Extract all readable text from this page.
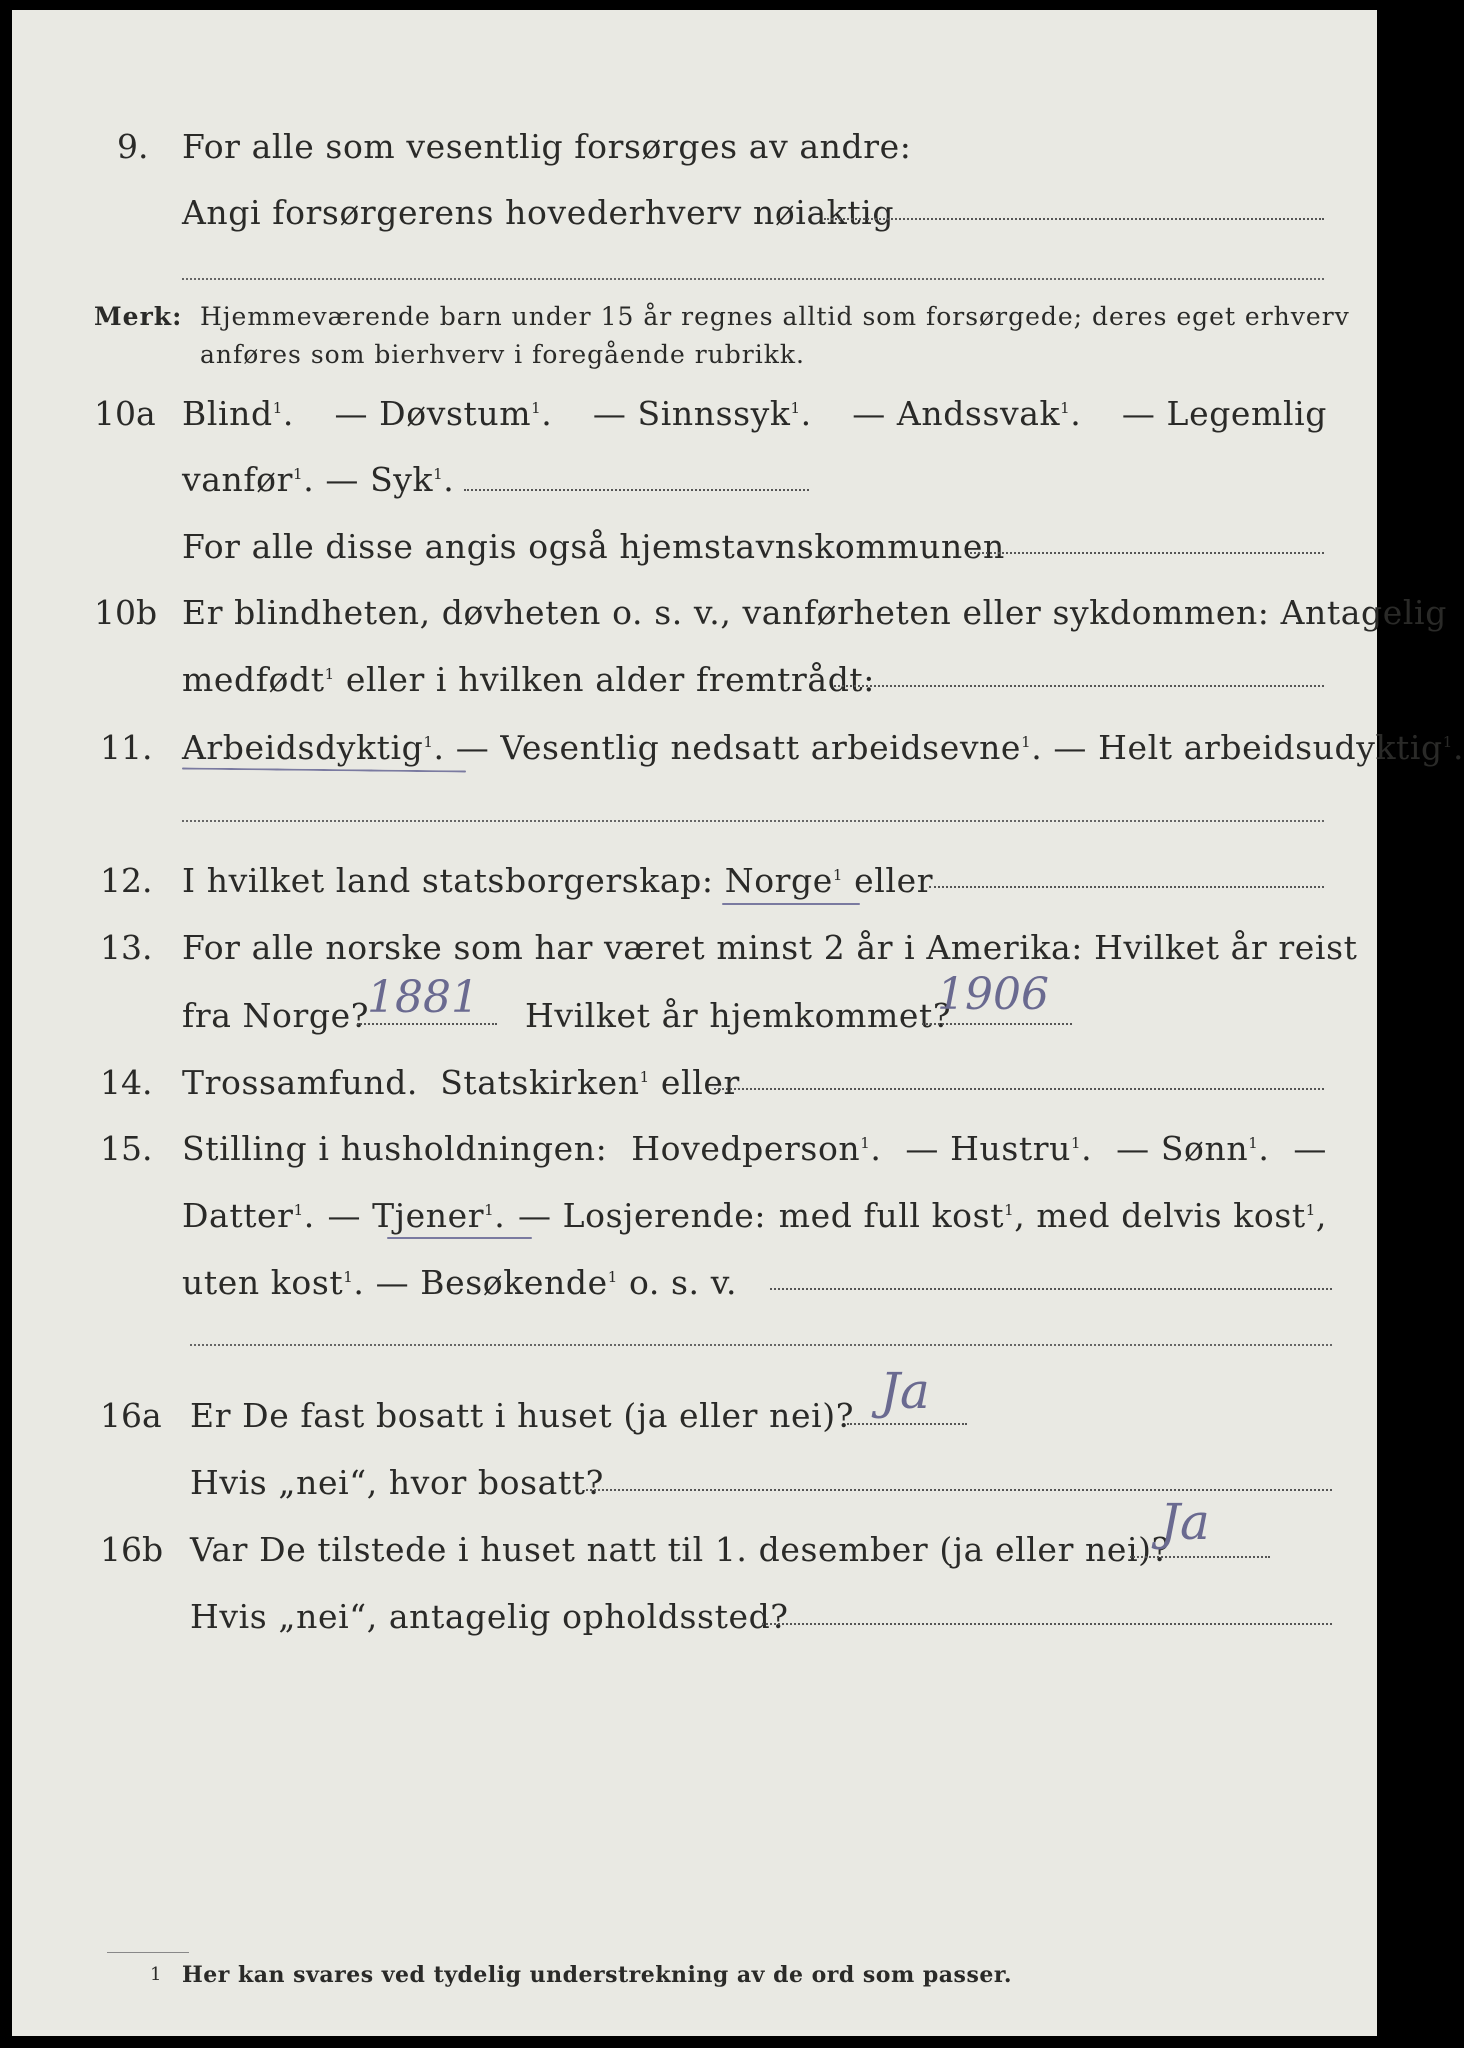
9. For alle som vesentlig forsørges av andre:
Angi forsørgerens hovederhverv nøiaktig
Merk: Hjemmeværende barn under 15 år regnes alltid som forsørgede; deres eget erhverv
anføres som bierhverv i foregående rubrikk.
10a Blind$^1$. — Døvstum$^1$. — Sinnssyk$^1$. — Andssvak$^1$. — Legemlig
vanfør$^1$. — Syk$^1$.
For alle disse angis også hjemstavnskommunen
10b Er blindheten, døvheten o. s. v., vanførheten eller sykdommen: Antagelig
medfødt$^1$ eller i hvilken alder fremtrådt:
11. Arbeidsdyktig$^1$. — Vesentlig nedsatt arbeidsevne$^1$. — Helt arbeidsudyktig$^1$.
12. I hvilket land statsborgerskap: Norge$^1$ eller
13. For alle norske som har været minst 2 år i Amerika: Hvilket år reist
fra Norge?
1881 Hvilket år hjemkommet?
1906
14. Trossamfund. Statskirken$^1$ eller
15. Stilling i husholdningen: Hovedperson$^1$. — Hustru$^1$. — Sønn$^1$. —
Datter$^1$. — Tjener$^1$. — Losjerende: med full kost$^1$, med delvis kost$^1$,
uten kost$^1$. — Besøkende$^1$ o. s. v.
16a Er De fast bosatt i huset (ja eller nei)? Ja
Hvis „nei“, hvor bosatt?
16b Var De tilstede i huset natt til 1. desember (ja eller nei)?
Ja
Hvis „nei“, antagelig opholdssted?
1 Her kan svares ved tydelig understrekning av de ord som passer.
